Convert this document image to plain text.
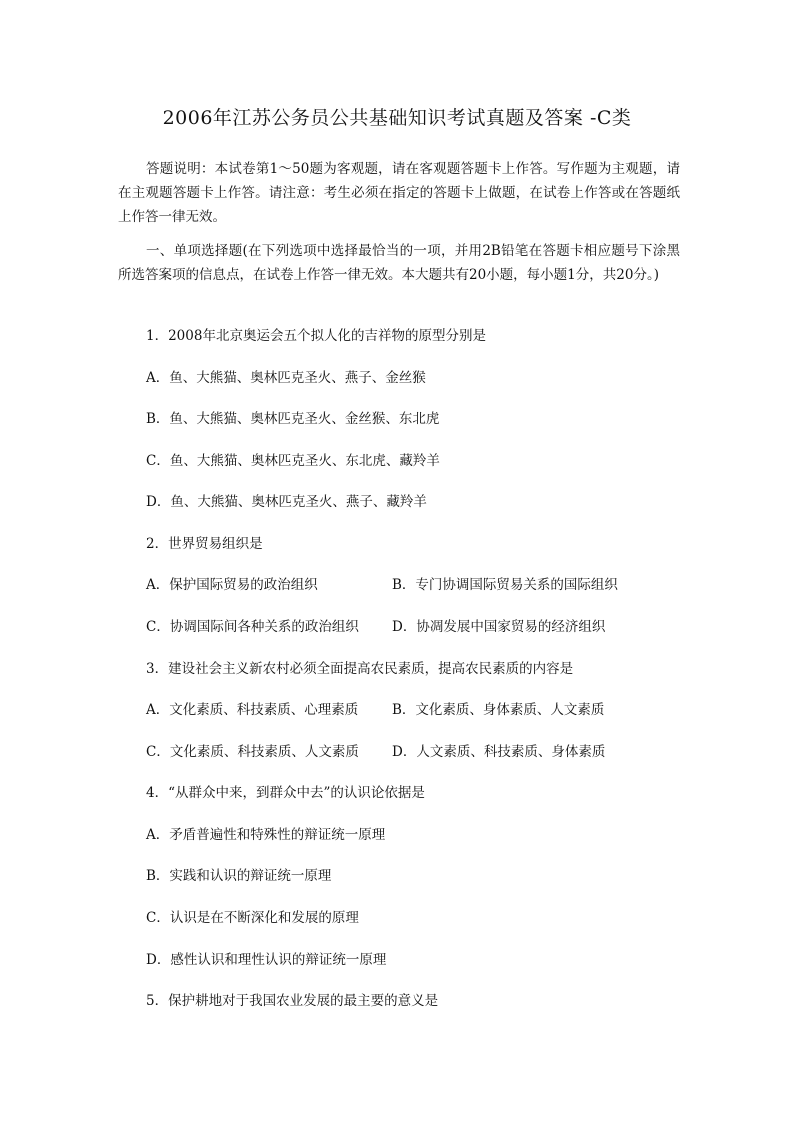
2006年江苏公务员公共基础知识考试真题及答案 -C类
答题说明：本试卷第1～50题为客观题，请在客观题答题卡上作答。写作题为主观题，请在主观题答题卡上作答。请注意：考生必须在指定的答题卡上做题，在试卷上作答或在答题纸上作答一律无效。
一、单项选择题(在下列选项中选择最恰当的一项，并用2B铅笔在答题卡相应题号下涂黑所选答案项的信息点，在试卷上作答一律无效。本大题共有20小题，每小题1分，共20分。)
1．2008年北京奥运会五个拟人化的吉祥物的原型分别是
A．鱼、大熊猫、奥林匹克圣火、燕子、金丝猴
B．鱼、大熊猫、奥林匹克圣火、金丝猴、东北虎
C．鱼、大熊猫、奥林匹克圣火、东北虎、藏羚羊
D．鱼、大熊猫、奥林匹克圣火、燕子、藏羚羊
2．世界贸易组织是
A．保护国际贸易的政治组织	B．专门协调国际贸易关系的国际组织
C．协调国际间各种关系的政治组织 D．协凋发展中国家贸易的经济组织
3．建设社会主义新农村必须全面提高农民素质，提高农民素质的内容是
A．文化素质、科技素质、心理素质	B．文化素质、身体素质、人文素质
C．文化素质、科技素质、人文素质 D．人文素质、科技素质、身体素质
4．“从群众中来，到群众中去”的认识论依据是
A．矛盾普遍性和特殊性的辩证统一原理
B．实践和认识的辩证统一原理
C．认识是在不断深化和发展的原理
D．感性认识和理性认识的辩证统一原理
5．保护耕地对于我国农业发展的最主要的意义是
